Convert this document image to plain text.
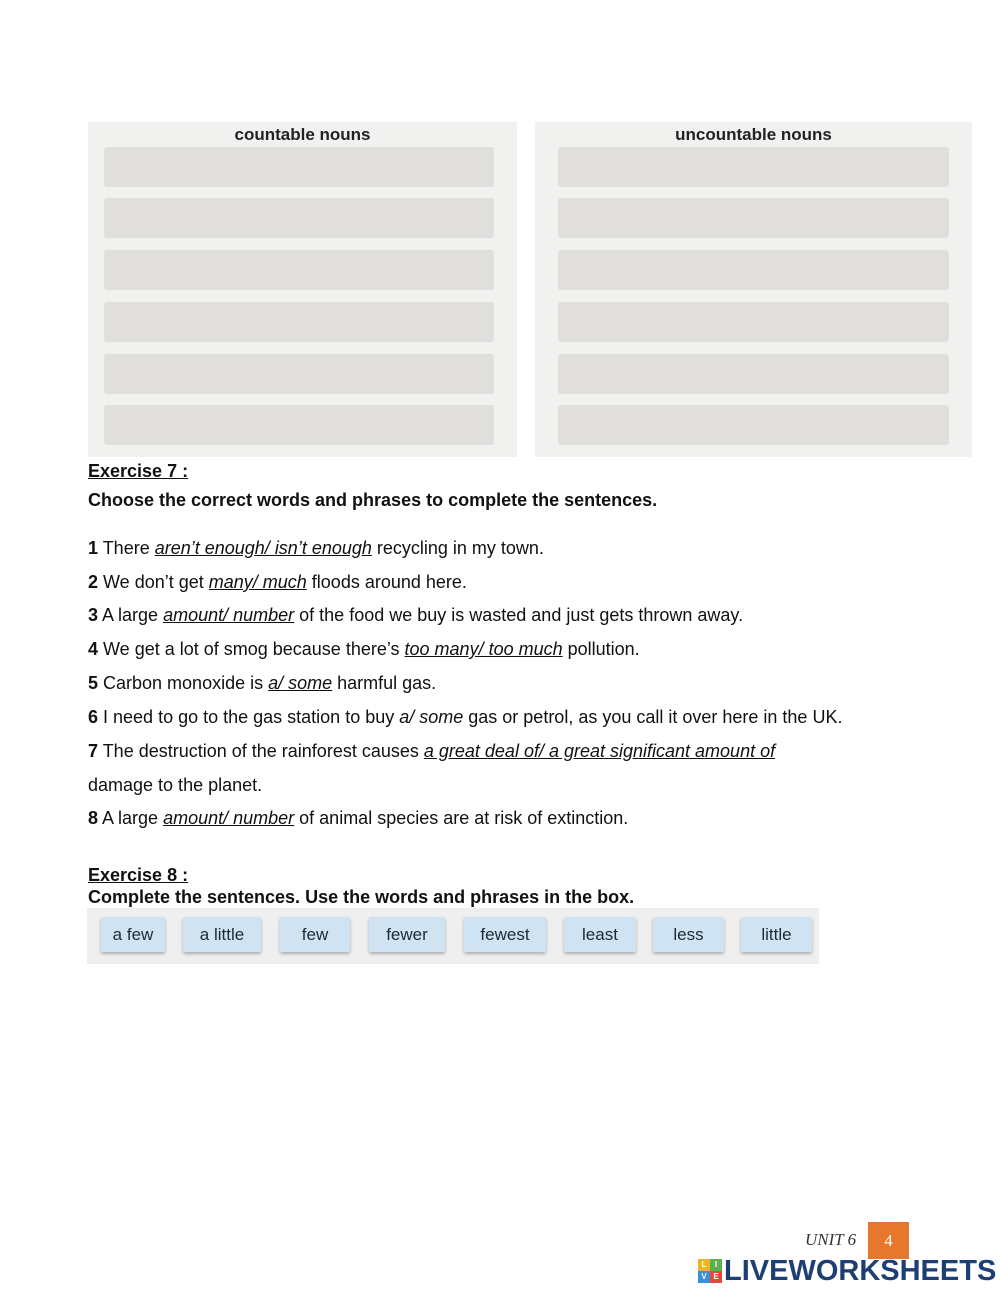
countable nouns	uncountable nouns

Exercise 7 :

Choose the correct words and phrases to complete the sentences.

1 There aren’t enough/ isn’t enough recycling in my town.

2 We don’t get many/ much floods around here.

3 A large amount/ number of the food we buy is wasted and just gets thrown away.

4 We get a lot of smog because there’s too many/ too much pollution.

5 Carbon monoxide is a/ some harmful gas.

6 I need to go to the gas station to buy a/ some gas or petrol, as you call it over here in the UK.

7 The destruction of the rainforest causes a great deal of/ a great significant amount of

damage to the planet.

8 A large amount/ number of animal species are at risk of extinction.

Exercise 8 :

Complete the sentences. Use the words and phrases in the box.

a few	a little	few	fewer	fewest	least	less	little
UNIT 6	4
L	I
V E LIVEWORKSHEETS
